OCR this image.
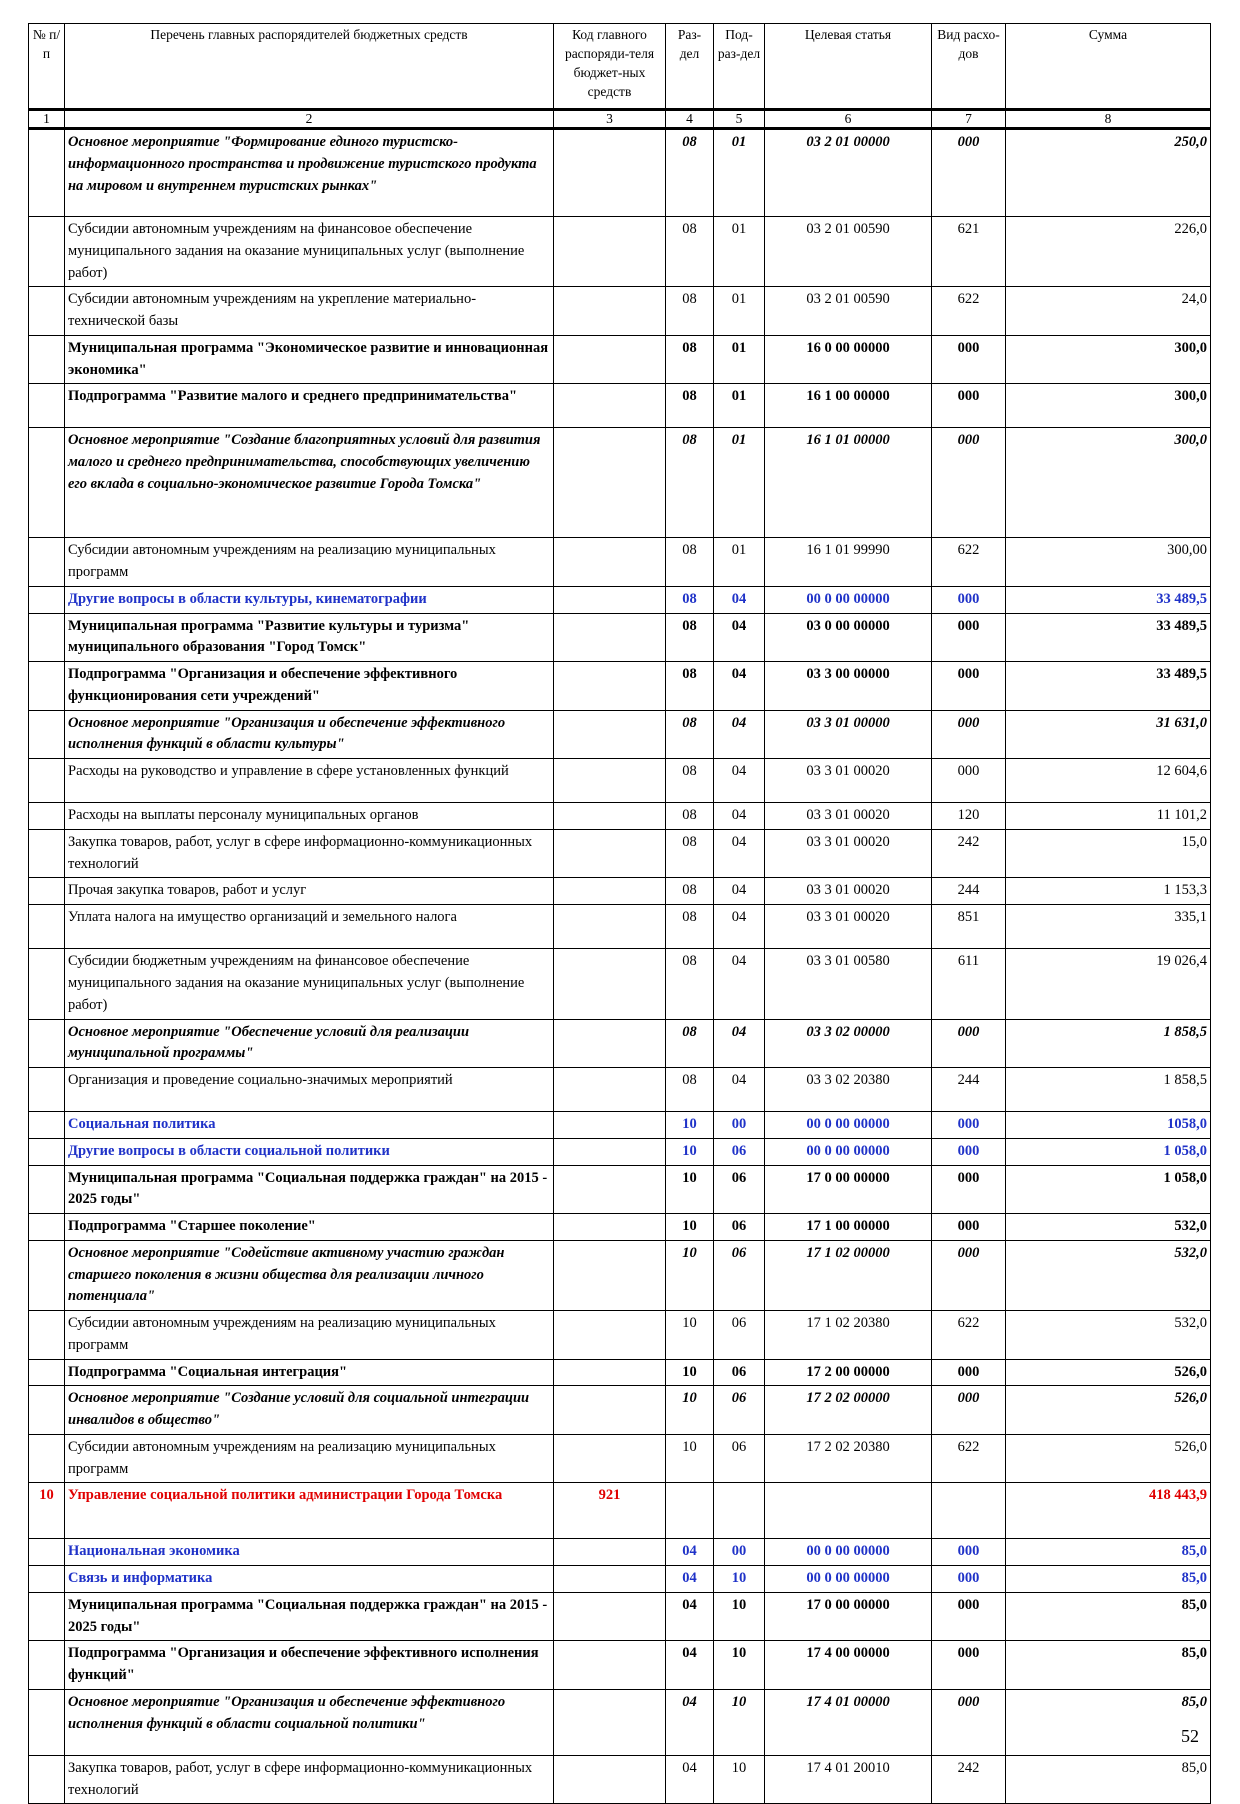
№ п/п	Перечень главных распорядителей бюджетных средств	Код главного распоряди-теля бюджет-ных средств	Раз-дел	Под-раз-дел	Целевая статья	Вид расхо-дов	Сумма
1	2	3	4	5	6	7	8
	Основное мероприятие "Формирование единого туристско-информационного пространства и продвижение туристского продукта на мировом и внутреннем туристских рынках"		08	01	03 2 01 00000	000	250,0
	Субсидии автономным учреждениям на финансовое обеспечение муниципального задания на оказание муниципальных услуг (выполнение работ)		08	01	03 2 01 00590	621	226,0
	Субсидии автономным учреждениям на укрепление материально-технической базы		08	01	03 2 01 00590	622	24,0
	Муниципальная программа "Экономическое развитие и инновационная экономика"		08	01	16 0 00 00000	000	300,0
	Подпрограмма "Развитие малого и среднего предпринимательства"		08	01	16 1 00 00000	000	300,0
	Основное мероприятие "Создание благоприятных условий для развития малого и среднего предпринимательства, способствующих увеличению его вклада в социально-экономическое развитие Города Томска"		08	01	16 1 01 00000	000	300,0
	Субсидии автономным учреждениям на реализацию муниципальных программ		08	01	16 1 01 99990	622	300,00
	Другие вопросы в области культуры, кинематографии		08	04	00 0 00 00000	000	33 489,5
	Муниципальная программа "Развитие культуры и туризма" муниципального образования "Город Томск"		08	04	03 0 00 00000	000	33 489,5
	Подпрограмма "Организация и обеспечение эффективного функционирования сети учреждений"		08	04	03 3 00 00000	000	33 489,5
	Основное мероприятие "Организация и обеспечение эффективного исполнения функций в области культуры"		08	04	03 3 01 00000	000	31 631,0
	Расходы на руководство и управление в сфере установленных функций		08	04	03 3 01 00020	000	12 604,6
	Расходы на выплаты персоналу муниципальных органов		08	04	03 3 01 00020	120	11 101,2
	Закупка товаров, работ, услуг в сфере информационно-коммуникационных технологий		08	04	03 3 01 00020	242	15,0
	Прочая закупка товаров, работ и услуг		08	04	03 3 01 00020	244	1 153,3
	Уплата налога на имущество организаций и земельного налога		08	04	03 3 01 00020	851	335,1
	Субсидии бюджетным учреждениям на финансовое обеспечение муниципального задания на оказание муниципальных услуг (выполнение работ)		08	04	03 3 01 00580	611	19 026,4
	Основное мероприятие "Обеспечение условий для реализации муниципальной программы"		08	04	03 3 02 00000	000	1 858,5
	Организация и проведение социально-значимых мероприятий		08	04	03 3 02 20380	244	1 858,5
	Социальная политика		10	00	00 0 00 00000	000	1058,0
	Другие вопросы в области социальной политики		10	06	00 0 00 00000	000	1 058,0
	Муниципальная программа "Социальная поддержка граждан" на 2015 - 2025 годы"		10	06	17 0 00 00000	000	1 058,0
	Подпрограмма "Старшее поколение"		10	06	17 1 00 00000	000	532,0
	Основное мероприятие "Содействие активному участию граждан старшего поколения в жизни общества для реализации личного потенциала"		10	06	17 1 02 00000	000	532,0
	Субсидии автономным учреждениям на реализацию муниципальных программ		10	06	17 1 02 20380	622	532,0
	Подпрограмма "Социальная интеграция"		10	06	17 2 00 00000	000	526,0
	Основное мероприятие "Создание условий для социальной интеграции инвалидов в общество"		10	06	17 2 02 00000	000	526,0
	Субсидии автономным учреждениям на реализацию муниципальных программ		10	06	17 2 02 20380	622	526,0
10	Управление социальной политики администрации Города Томска	921					418 443,9
	Национальная экономика		04	00	00 0 00 00000	000	85,0
	Связь и информатика		04	10	00 0 00 00000	000	85,0
	Муниципальная программа "Социальная поддержка граждан" на 2015 - 2025 годы"		04	10	17 0 00 00000	000	85,0
	Подпрограмма "Организация и обеспечение эффективного исполнения функций"		04	10	17 4 00 00000	000	85,0
	Основное мероприятие "Организация и обеспечение эффективного исполнения функций в области социальной политики"		04	10	17 4 01 00000	000	85,0
	Закупка товаров, работ, услуг в сфере информационно-коммуникационных технологий		04	10	17 4 01 20010	242	85,0
52
